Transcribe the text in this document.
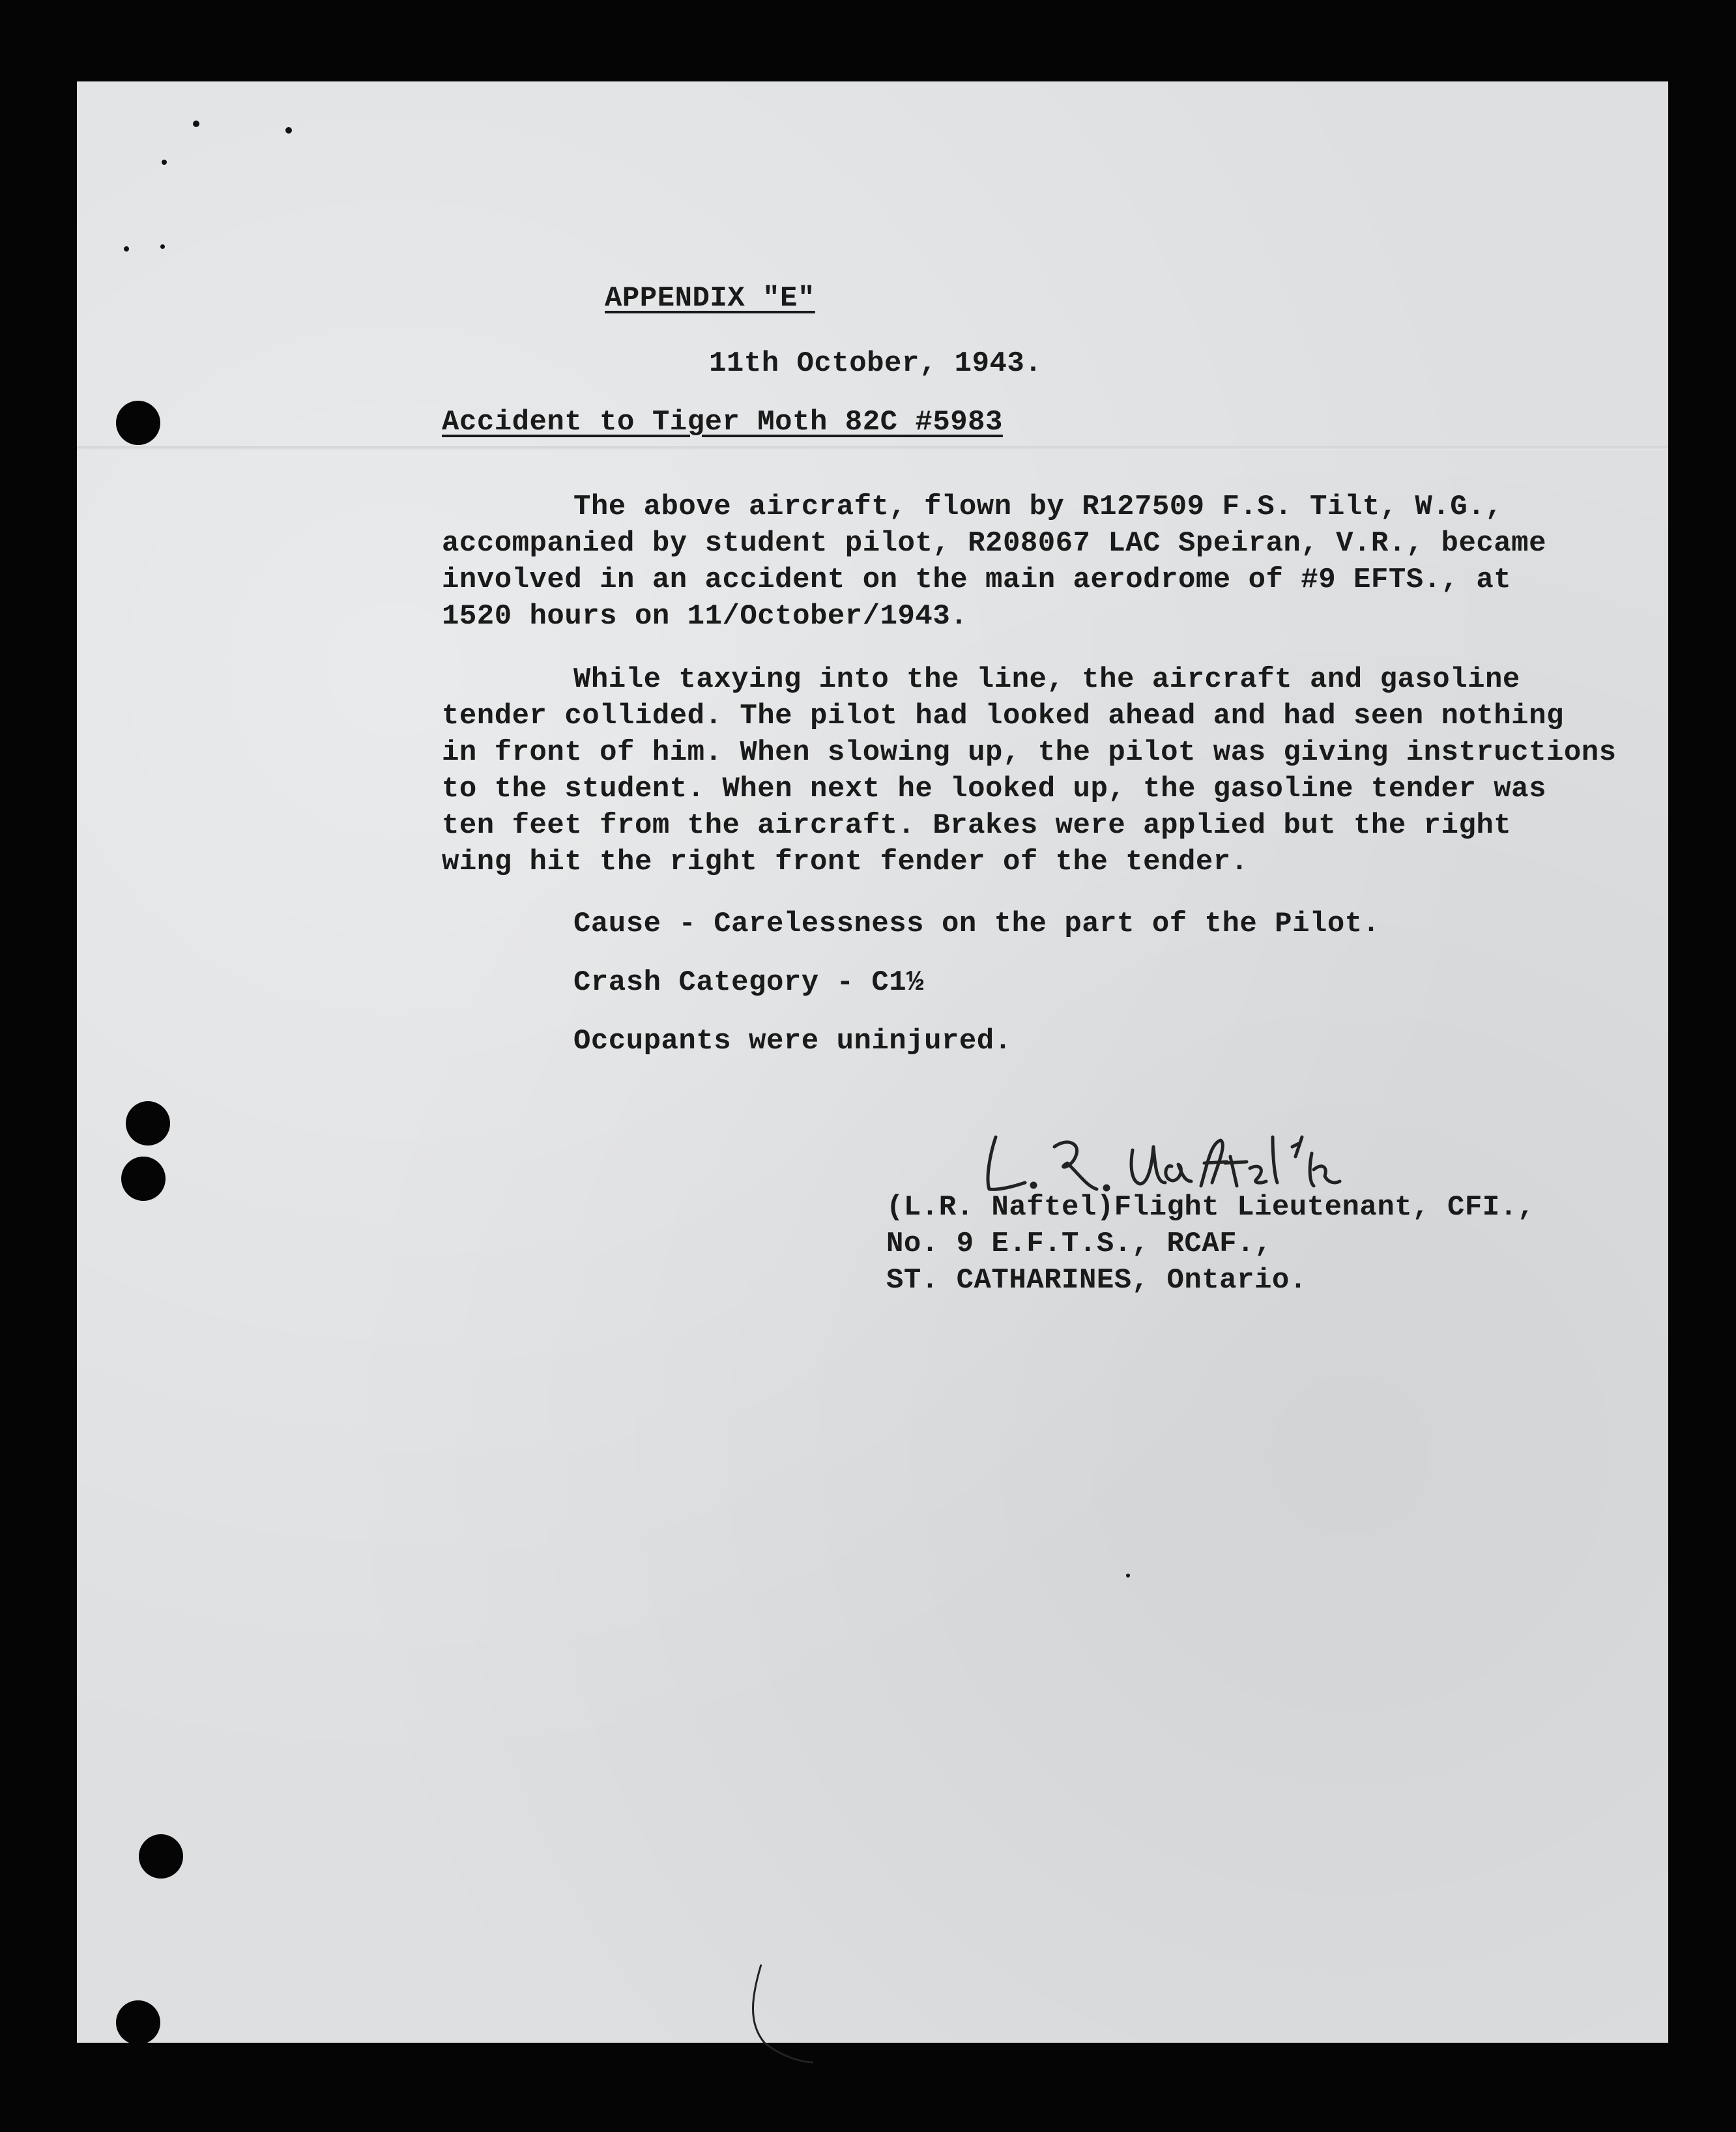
APPENDIX "E"
11th October, 1943.
Accident to Tiger Moth 82C #5983
The above aircraft, flown by R127509 F.S. Tilt, W.G.,
accompanied by student pilot, R208067 LAC Speiran, V.R., became
involved in an accident on the main aerodrome of #9 EFTS., at
1520 hours on 11/October/1943.
While taxying into the line, the aircraft and gasoline
tender collided. The pilot had looked ahead and had seen nothing
in front of him. When slowing up, the pilot was giving instructions
to the student. When next he looked up, the gasoline tender was
ten feet from the aircraft. Brakes were applied but the right
wing hit the right front fender of the tender.
Cause - Carelessness on the part of the Pilot.
Crash Category - C1½
Occupants were uninjured.
(L.R. Naftel)Flight Lieutenant, CFI.,
No. 9 E.F.T.S., RCAF.,
ST. CATHARINES, Ontario.
